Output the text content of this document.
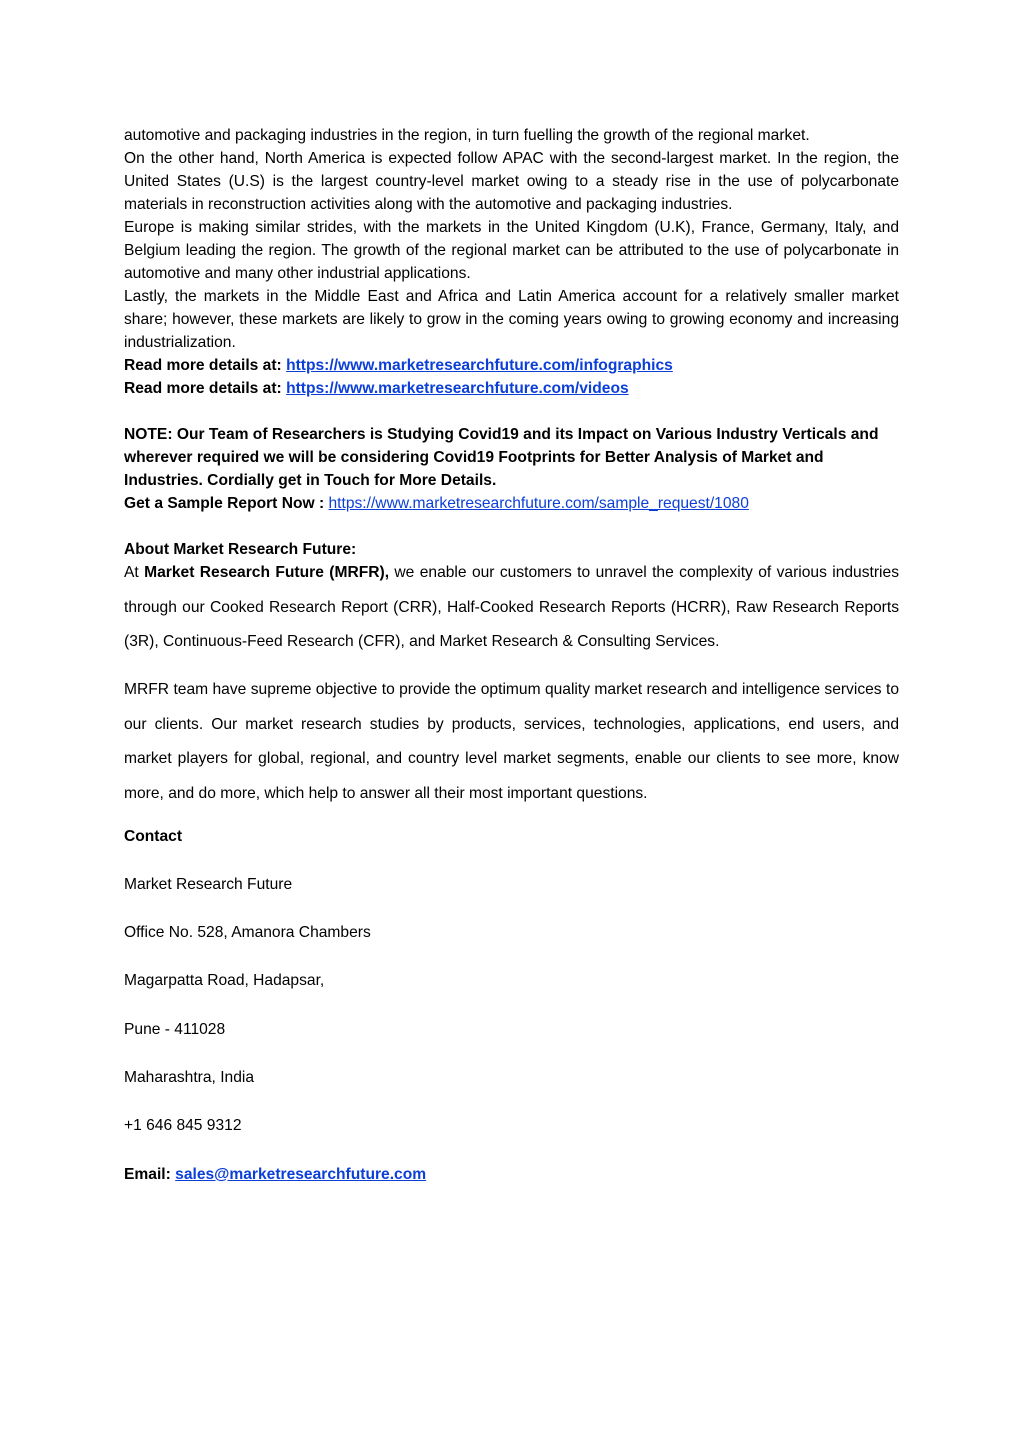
automotive and packaging industries in the region, in turn fuelling the growth of the regional market.

On the other hand, North America is expected follow APAC with the second-largest market. In the region, the United States (U.S) is the largest country-level market owing to a steady rise in the use of polycarbonate materials in reconstruction activities along with the automotive and packaging industries.

Europe is making similar strides, with the markets in the United Kingdom (U.K), France, Germany, Italy, and Belgium leading the region. The growth of the regional market can be attributed to the use of polycarbonate in automotive and many other industrial applications.

Lastly, the markets in the Middle East and Africa and Latin America account for a relatively smaller market share; however, these markets are likely to grow in the coming years owing to growing economy and increasing industrialization.

Read more details at: https://www.marketresearchfuture.com/infographics

Read more details at: https://www.marketresearchfuture.com/videos

NOTE: Our Team of Researchers is Studying Covid19 and its Impact on Various Industry Verticals and wherever required we will be considering Covid19 Footprints for Better Analysis of Market and Industries. Cordially get in Touch for More Details.

Get a Sample Report Now : https://www.marketresearchfuture.com/sample_request/1080

About Market Research Future:

At Market Research Future (MRFR), we enable our customers to unravel the complexity of various industries through our Cooked Research Report (CRR), Half-Cooked Research Reports (HCRR), Raw Research Reports (3R), Continuous-Feed Research (CFR), and Market Research & Consulting Services.

MRFR team have supreme objective to provide the optimum quality market research and intelligence services to our clients. Our market research studies by products, services, technologies, applications, end users, and market players for global, regional, and country level market segments, enable our clients to see more, know more, and do more, which help to answer all their most important questions.

Contact

Market Research Future

Office No. 528, Amanora Chambers

Magarpatta Road, Hadapsar,

Pune - 411028

Maharashtra, India

+1 646 845 9312

Email: sales@marketresearchfuture.com
